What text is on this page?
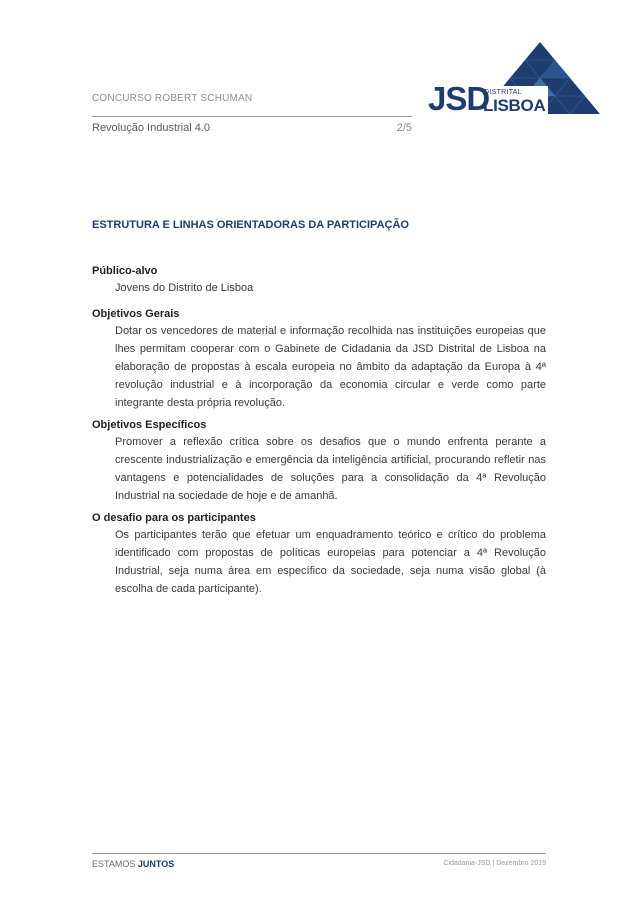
CONCURSO ROBERT SCHUMAN
Revolução Industrial 4.0	2/5
JSD
DISTRITAL
LISBOA
ESTRUTURA E LINHAS ORIENTADORAS DA PARTICIPAÇÃO
Público-alvo
Jovens do Distrito de Lisboa
Objetivos Gerais
Dotar os vencedores de material e informação recolhida nas instituições europeias que lhes permitam cooperar com o Gabinete de Cidadania da JSD Distrital de Lisboa na elaboração de propostas à escala europeia no âmbito da adaptação da Europa à 4ª revolução industrial e à incorporação da economia circular e verde como parte integrante desta própria revolução.
Objetivos Específicos
Promover a reflexão crítica sobre os desafios que o mundo enfrenta perante a crescente industrialização e emergência da inteligência artificial, procurando refletir nas vantagens e potencialidades de soluções para a consolidação da 4ª Revolução Industrial na sociedade de hoje e de amanhã.
O desafio para os participantes
Os participantes terão que efetuar um enquadramento teórico e crítico do problema identificado com propostas de políticas europeias para potenciar a 4ª Revolução Industrial, seja numa área em específico da sociedade, seja numa visão global (à escolha de cada participante).
ESTAMOS JUNTOS	Cidadania-JSD | Dezembro 2019
